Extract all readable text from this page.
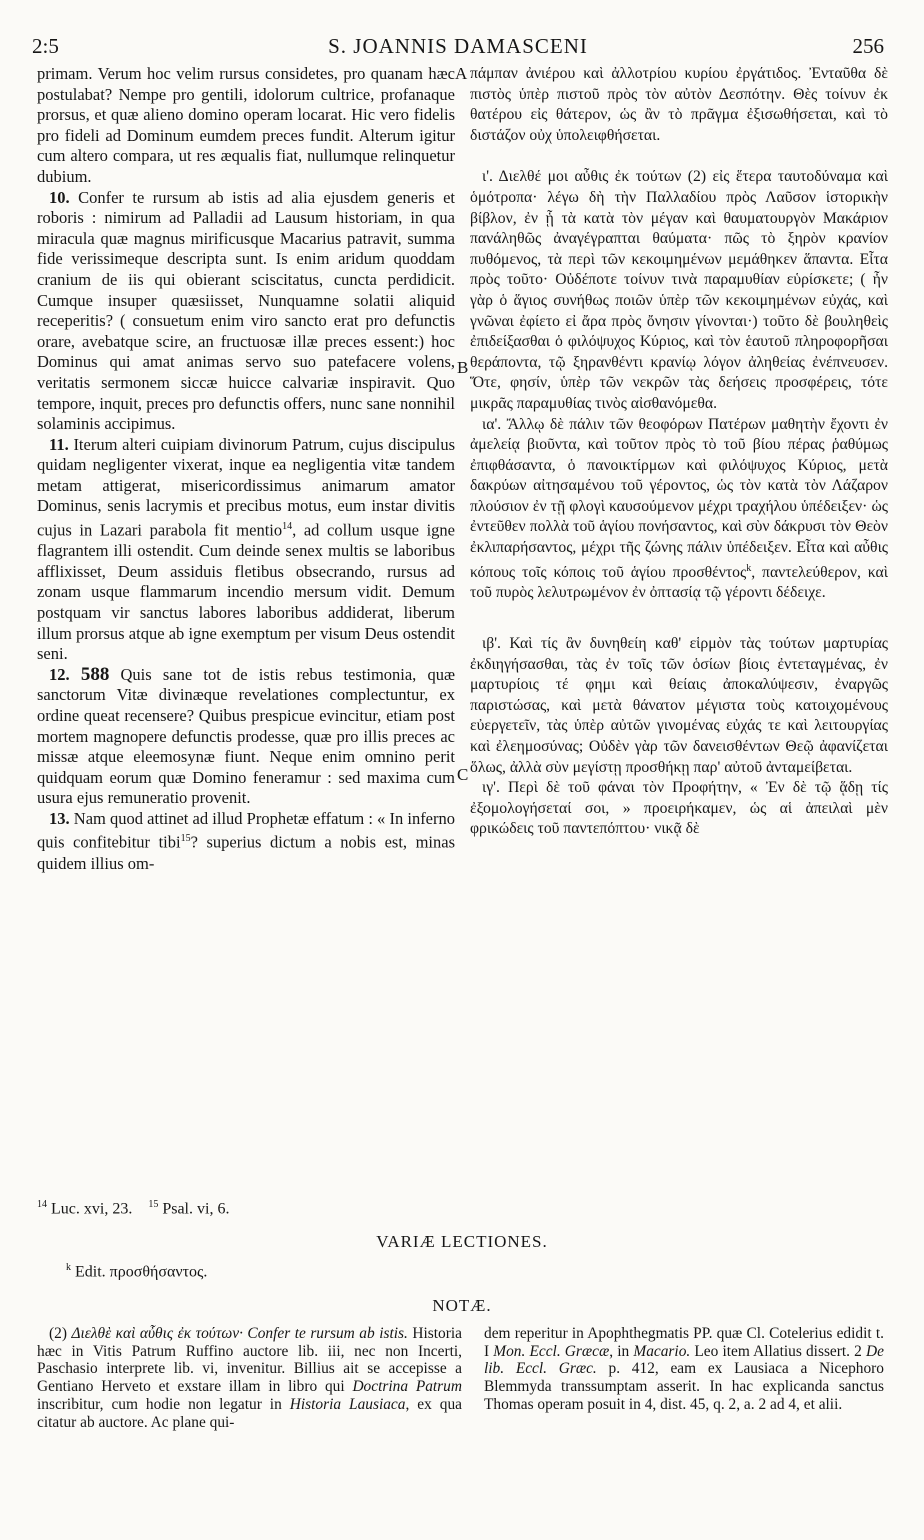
2:5	S. JOANNIS DAMASCENI	256
A
B
C

primam. Verum hoc velim rursus considetes, pro quanam hæc postulabat? Nempe pro gentili, idolorum cultrice, profanaque prorsus, et quæ alieno domino operam locarat. Hic vero fidelis pro fideli ad Dominum eumdem preces fundit. Alterum igitur cum altero compara, ut res æqualis fiat, nullumque relinquetur dubium.

10. Confer te rursum ab istis ad alia ejusdem generis et roboris : nimirum ad Palladii ad Lausum historiam, in qua miracula quæ magnus mirificusque Macarius patravit, summa fide verissimeque descripta sunt. Is enim aridum quoddam cranium de iis qui obierant sciscitatus, cuncta perdidicit. Cumque insuper quæsiisset, Nunquamne solatii aliquid receperitis? ( consuetum enim viro sancto erat pro defunctis orare, avebatque scire, an fructuosæ illæ preces essent:) hoc Dominus qui amat animas servo suo patefacere volens, veritatis sermonem siccæ huicce calvariæ inspiravit. Quo tempore, inquit, preces pro defunctis offers, nunc sane nonnihil solaminis accipimus.

11. Iterum alteri cuipiam divinorum Patrum, cujus discipulus quidam negligenter vixerat, inque ea negligentia vitæ tandem metam attigerat, misericordissimus animarum amator Dominus, senis lacrymis et precibus motus, eum instar divitis cujus in Lazari parabola fit mentio$^{14}$, ad collum usque igne flagrantem illi ostendit. Cum deinde senex multis se laboribus afflixisset, Deum assiduis fletibus obsecrando, rursus ad zonam usque flammarum incendio mersum vidit. Demum postquam vir sanctus labores laboribus addiderat, liberum illum prorsus atque ab igne exemptum per visum Deus ostendit seni.

12. 588 Quis sane tot de istis rebus testimonia, quæ sanctorum Vitæ divinæque revelationes complectuntur, ex ordine queat recensere? Quibus prespicue evincitur, etiam post mortem magnopere defunctis prodesse, quæ pro illis preces ac missæ atque eleemosynæ fiunt. Neque enim omnino perit quidquam eorum quæ Domino feneramur : sed maxima cum usura ejus remuneratio provenit.

13. Nam quod attinet ad illud Prophetæ effatum : « In inferno quis confitebitur tibi$^{15}$? superius dictum a nobis est, minas quidem illius om-

πάμπαν ἀνιέρου καὶ ἀλλοτρίου κυρίου ἐργάτιδος. Ἐνταῦθα δὲ πιστὸς ὑπὲρ πιστοῦ πρὸς τὸν αὐτὸν Δεσπότην. Θὲς τοίνυν ἐκ θατέρου εἰς θάτερον, ὡς ἂν τὸ πρᾶγμα ἐξισωθήσεται, καὶ τὸ διστάζον οὐχ ὑπολειφθήσεται.

ι'. Διελθέ μοι αὖθις ἐκ τούτων (2) εἰς ἕτερα ταυτοδύναμα καὶ ὁμότροπα· λέγω δὴ τὴν Παλλαδίου πρὸς Λαῦσον ἱστορικὴν βίβλον, ἐν ᾗ τὰ κατὰ τὸν μέγαν καὶ θαυματουργὸν Μακάριον πανάληθῶς ἀναγέγραπται θαύματα· πῶς τὸ ξηρὸν κρανίον πυθόμενος, τὰ περὶ τῶν κεκοιμημένων μεμάθηκεν ἅπαντα. Εἶτα πρὸς τοῦτο· Οὐδέποτε τοίνυν τινὰ παραμυθίαν εὑρίσκετε; ( ἦν γὰρ ὁ ἅγιος συνήθως ποιῶν ὑπὲρ τῶν κεκοιμημένων εὐχάς, καὶ γνῶναι ἐφίετο εἰ ἄρα πρὸς ὄνησιν γίνονται·) τοῦτο δὲ βουληθεὶς ἐπιδείξασθαι ὁ φιλόψυχος Κύριος, καὶ τὸν ἑαυτοῦ πληροφορῆσαι θεράποντα, τῷ ξηρανθέντι κρανίῳ λόγον ἀληθείας ἐνέπνευσεν. Ὅτε, φησίν, ὑπὲρ τῶν νεκρῶν τὰς δεήσεις προσφέρεις, τότε μικρᾶς παραμυθίας τινὸς αἰσθανόμεθα.

ια'. Ἄλλῳ δὲ πάλιν τῶν θεοφόρων Πατέρων μαθητὴν ἔχοντι ἐν ἀμελείᾳ βιοῦντα, καὶ τοῦτον πρὸς τὸ τοῦ βίου πέρας ῥαθύμως ἐπιφθάσαντα, ὁ πανοικτίρμων καὶ φιλόψυχος Κύριος, μετὰ δακρύων αἰτησαμένου τοῦ γέροντος, ὡς τὸν κατὰ τὸν Λάζαρον πλούσιον ἐν τῇ φλογὶ καυσούμενον μέχρι τραχήλου ὑπέδειξεν· ὡς ἐντεῦθεν πολλὰ τοῦ ἁγίου πονήσαντος, καὶ σὺν δάκρυσι τὸν Θεὸν ἐκλιπαρήσαντος, μέχρι τῆς ζώνης πάλιν ὑπέδειξεν. Εἶτα καὶ αὖθις κόπους τοῖς κόποις τοῦ ἁγίου προσθέντος$^k$, παντελεύθερον, καὶ τοῦ πυρὸς λελυτρωμένον ἐν ὀπτασίᾳ τῷ γέροντι δέδειχε.

ιβ'. Καὶ τίς ἂν δυνηθείη καθ' εἱρμὸν τὰς τούτων μαρτυρίας ἐκδιηγήσασθαι, τὰς ἐν τοῖς τῶν ὁσίων βίοις ἐντεταγμένας, ἐν μαρτυρίοις τέ φημι καὶ θείαις ἀποκαλύψεσιν, ἐναργῶς παριστώσας, καὶ μετὰ θάνατον μέγιστα τοὺς κατοιχομένους εὐεργετεῖν, τὰς ὑπὲρ αὐτῶν γινομένας εὐχάς τε καὶ λειτουργίας καὶ ἐλεημοσύνας; Οὐδὲν γὰρ τῶν δανεισθέντων Θεῷ ἀφανίζεται ὅλως, ἀλλὰ σὺν μεγίστῃ προσθήκῃ παρ' αὐτοῦ ἀνταμείβεται.

ιγ'. Περὶ δὲ τοῦ φάναι τὸν Προφήτην, « Ἐν δὲ τῷ ᾅδῃ τίς ἐξομολογήσεταί σοι, » προειρήκαμεν, ὡς αἱ ἀπειλαὶ μὲν φρικώδεις τοῦ παντεπόπτου· νικᾷ δὲ

$^{14}$ Luc. xvi, 23. $^{15}$ Psal. vi, 6.
VARIÆ LECTIONES.
$^k$ Edit. προσθήσαντος.
NOTÆ.

(2) Διελθὲ καὶ αὖθις ἐκ τούτων· Confer te rursum ab istis. Historia hæc in Vitis Patrum Ruffino auctore lib. iii, nec non Incerti, Paschasio interprete lib. vi, invenitur. Billius ait se accepisse a Gentiano Herveto et exstare illam in libro qui Doctrina Patrum inscribitur, cum hodie non legatur in Historia Lausiaca, ex qua citatur ab auctore. Ac plane qui-

dem reperitur in Apophthegmatis PP. quæ Cl. Cotelerius edidit t. I Mon. Eccl. Græcæ, in Macario. Leo item Allatius dissert. 2 De lib. Eccl. Græc. p. 412, eam ex Lausiaca a Nicephoro Blemmyda transsumptam asserit. In hac explicanda sanctus Thomas operam posuit in 4, dist. 45, q. 2, a. 2 ad 4, et alii.
